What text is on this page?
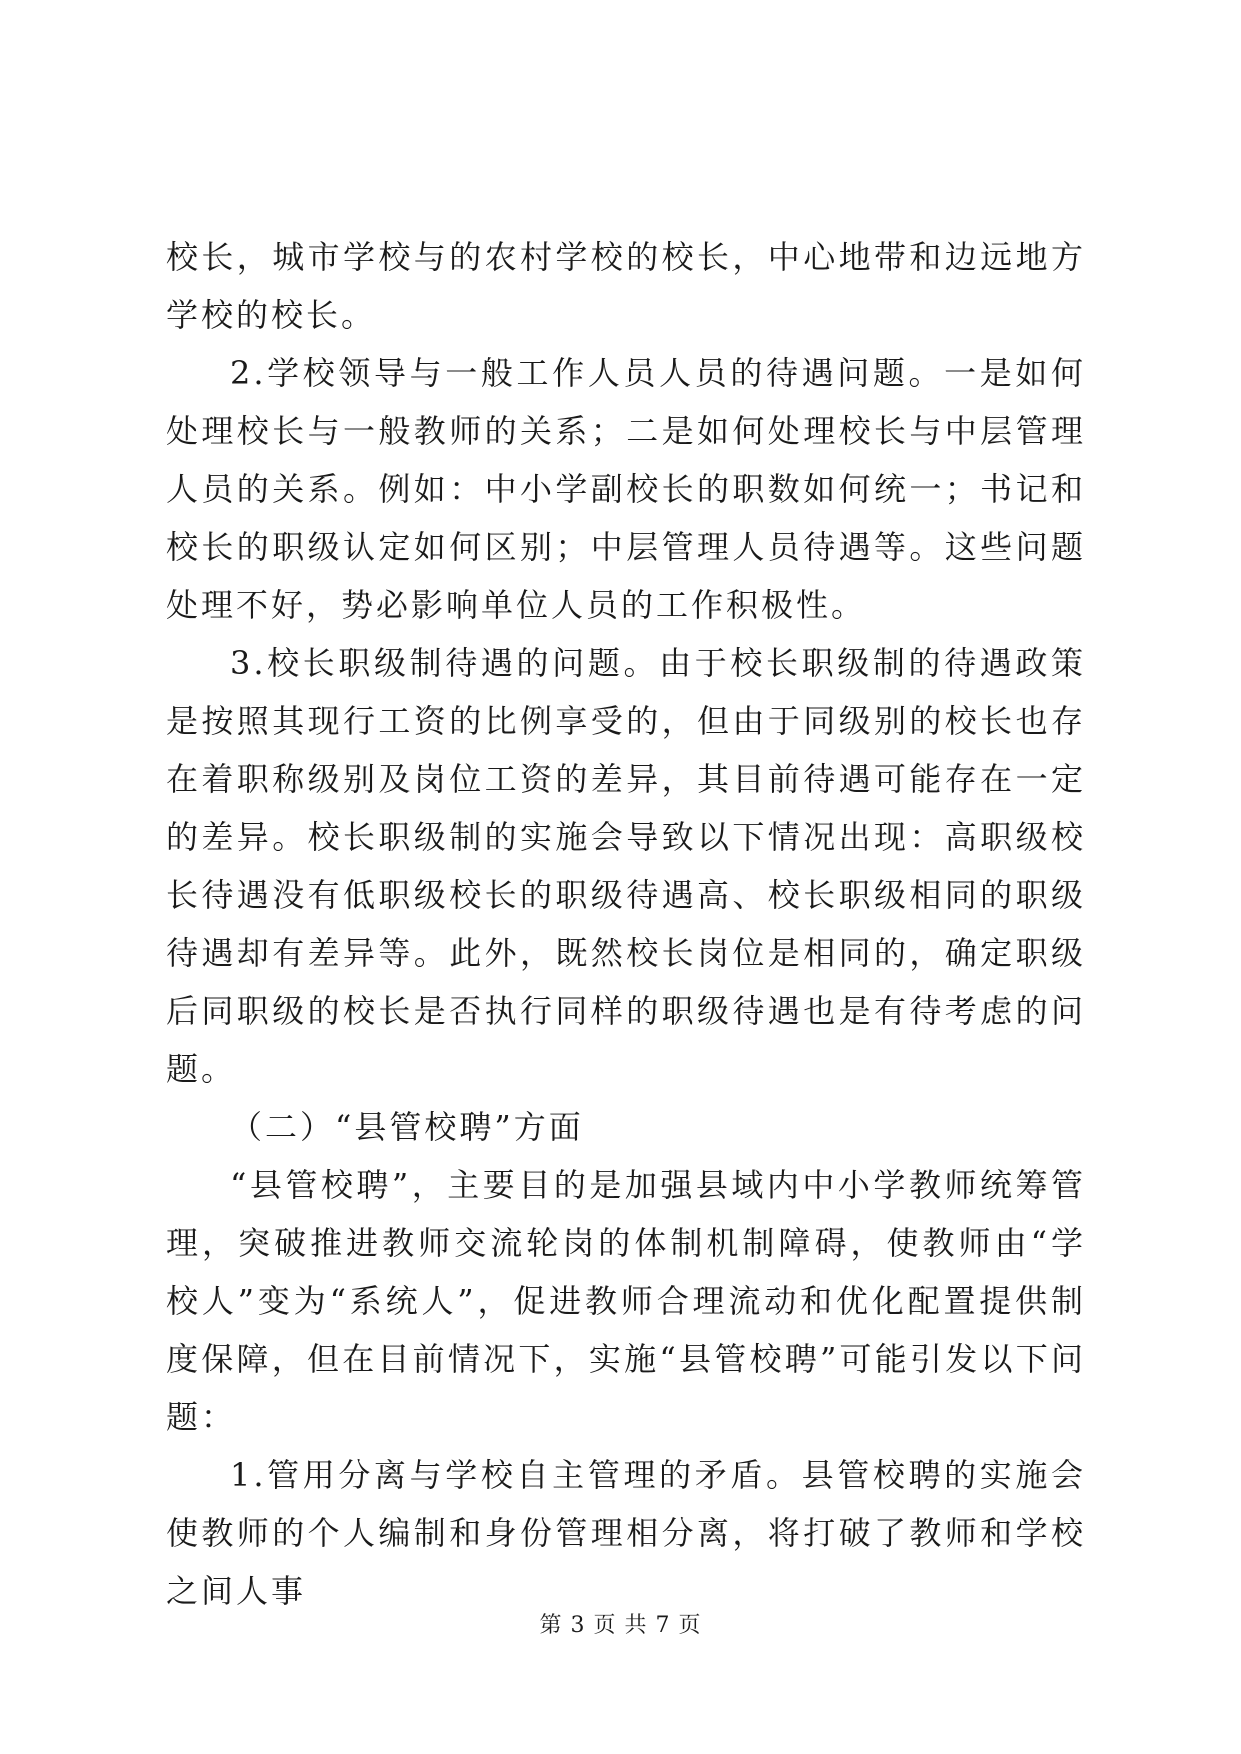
校长，城市学校与的农村学校的校长，中心地带和边远地方学校的校长。

2.学校领导与一般工作人员人员的待遇问题。一是如何处理校长与一般教师的关系；二是如何处理校长与中层管理人员的关系。例如：中小学副校长的职数如何统一；书记和校长的职级认定如何区别；中层管理人员待遇等。这些问题处理不好，势必影响单位人员的工作积极性。

3.校长职级制待遇的问题。由于校长职级制的待遇政策是按照其现行工资的比例享受的，但由于同级别的校长也存在着职称级别及岗位工资的差异，其目前待遇可能存在一定的差异。校长职级制的实施会导致以下情况出现：高职级校长待遇没有低职级校长的职级待遇高、校长职级相同的职级待遇却有差异等。此外，既然校长岗位是相同的，确定职级后同职级的校长是否执行同样的职级待遇也是有待考虑的问题。

（二）“县管校聘”方面

“县管校聘”，主要目的是加强县域内中小学教师统筹管理，突破推进教师交流轮岗的体制机制障碍，使教师由“学校人”变为“系统人”，促进教师合理流动和优化配置提供制度保障，但在目前情况下，实施“县管校聘”可能引发以下问题：

1.管用分离与学校自主管理的矛盾。县管校聘的实施会使教师的个人编制和身份管理相分离，将打破了教师和学校之间人事

第 3 页 共 7 页
